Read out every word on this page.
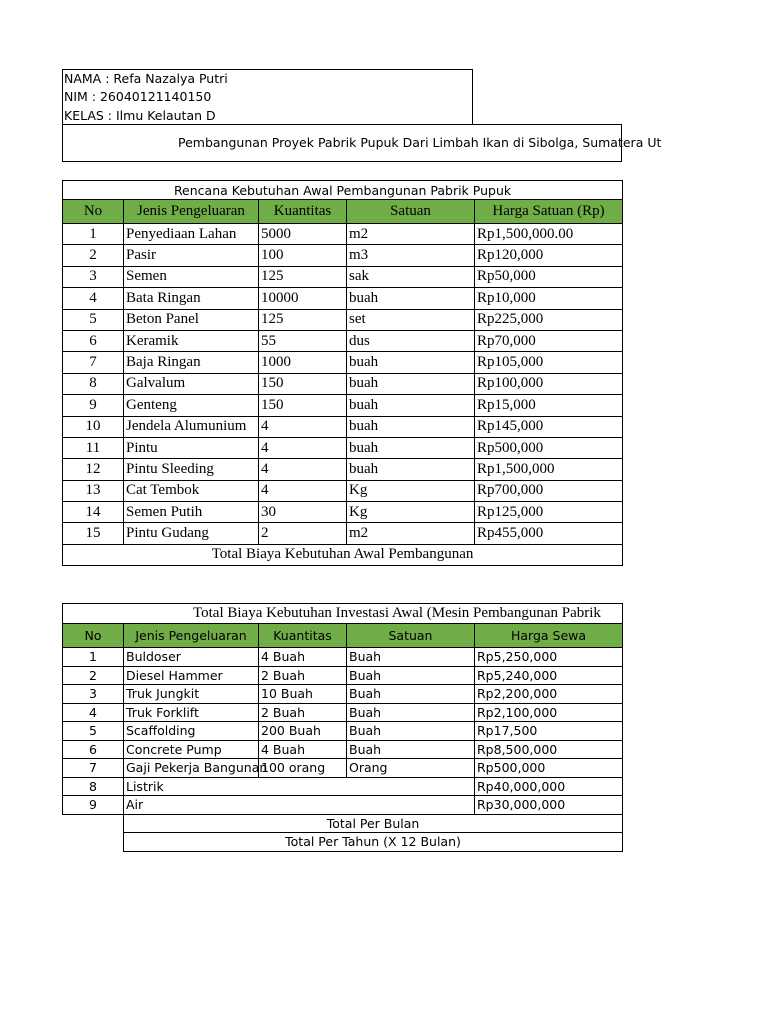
NAMA : Refa Nazalya Putri
NIM : 26040121140150
KELAS : Ilmu Kelautan D
Pembangunan Proyek Pabrik Pupuk Dari Limbah Ikan di Sibolga, Sumatera Ut
Rencana Kebutuhan Awal Pembangunan Pabrik Pupuk				
No	Jenis Pengeluaran	Kuantitas	Satuan	Harga Satuan (Rp)
1	Penyediaan Lahan	5000	m2	Rp1,500,000.00
2	Pasir	100	m3	Rp120,000
3	Semen	125	sak	Rp50,000
4	Bata Ringan	10000	buah	Rp10,000
5	Beton Panel	125	set	Rp225,000
6	Keramik	55	dus	Rp70,000
7	Baja Ringan	1000	buah	Rp105,000
8	Galvalum	150	buah	Rp100,000
9	Genteng	150	buah	Rp15,000
10	Jendela Alumunium	4	buah	Rp145,000
11	Pintu	4	buah	Rp500,000
12	Pintu Sleeding	4	buah	Rp1,500,000
13	Cat Tembok	4	Kg	Rp700,000
14	Semen Putih	30	Kg	Rp125,000
15	Pintu Gudang	2	m2	Rp455,000
Total Biaya Kebutuhan Awal Pembangunan				
Total Biaya Kebutuhan Investasi Awal (Mesin Pembangunan Pabrik				
No	Jenis Pengeluaran	Kuantitas	Satuan	Harga Sewa
1	Buldoser	4 Buah	Buah	Rp5,250,000
2	Diesel Hammer	2 Buah	Buah	Rp5,240,000
3	Truk Jungkit	10 Buah	Buah	Rp2,200,000
4	Truk Forklift	2 Buah	Buah	Rp2,100,000
5	Scaffolding	200 Buah	Buah	Rp17,500
6	Concrete Pump	4 Buah	Buah	Rp8,500,000
7	Gaji Pekerja Bangunan	100 orang	Orang	Rp500,000
8	Listrik			Rp40,000,000
9	Air			Rp30,000,000
	Total Per Bulan			
	Total Per Tahun (X 12 Bulan)			
